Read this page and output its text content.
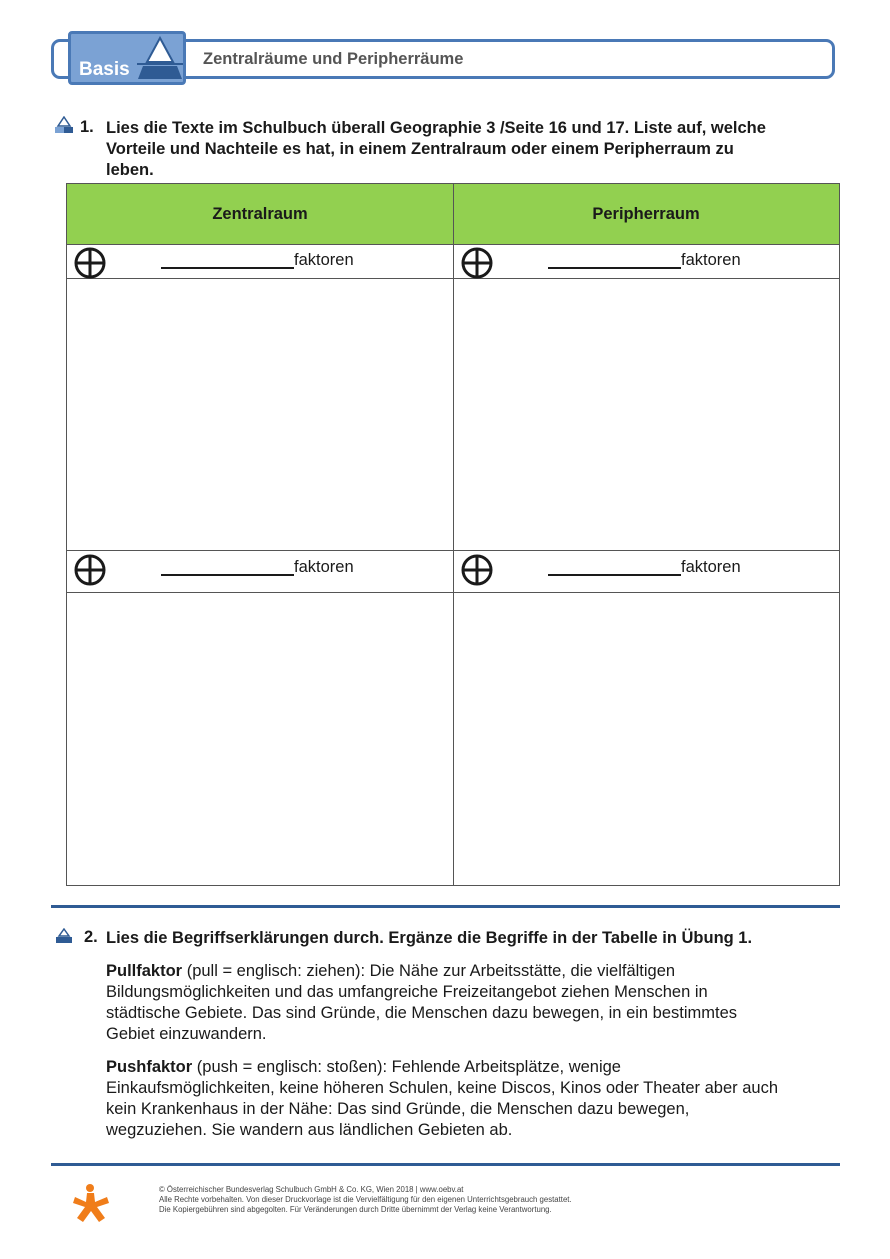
Basis	Zentralräume und Peripherräume
1. Lies die Texte im Schulbuch überall Geographie 3 /Seite 16 und 17. Liste auf, welche
Vorteile und Nachteile es hat, in einem Zentralraum oder einem Peripherraum zu
leben.
Zentralraum	Peripherraum
faktoren	faktoren
faktoren	faktoren
2. Lies die Begriffserklärungen durch. Ergänze die Begriffe in der Tabelle in Übung 1.
Pullfaktor (pull = englisch: ziehen): Die Nähe zur Arbeitsstätte, die vielfältigen
Bildungsmöglichkeiten und das umfangreiche Freizeitangebot ziehen Menschen in
städtische Gebiete. Das sind Gründe, die Menschen dazu bewegen, in ein bestimmtes
Gebiet einzuwandern.
Pushfaktor (push = englisch: stoßen): Fehlende Arbeitsplätze, wenige
Einkaufsmöglichkeiten, keine höheren Schulen, keine Discos, Kinos oder Theater aber auch
kein Krankenhaus in der Nähe: Das sind Gründe, die Menschen dazu bewegen,
wegzuziehen. Sie wandern aus ländlichen Gebieten ab.
© Österreichischer Bundesverlag Schulbuch GmbH & Co. KG, Wien 2018 | www.oebv.at
Alle Rechte vorbehalten. Von dieser Druckvorlage ist die Vervielfältigung für den eigenen Unterrichtsgebrauch gestattet.
Die Kopiergebühren sind abgegolten. Für Veränderungen durch Dritte übernimmt der Verlag keine Verantwortung.
